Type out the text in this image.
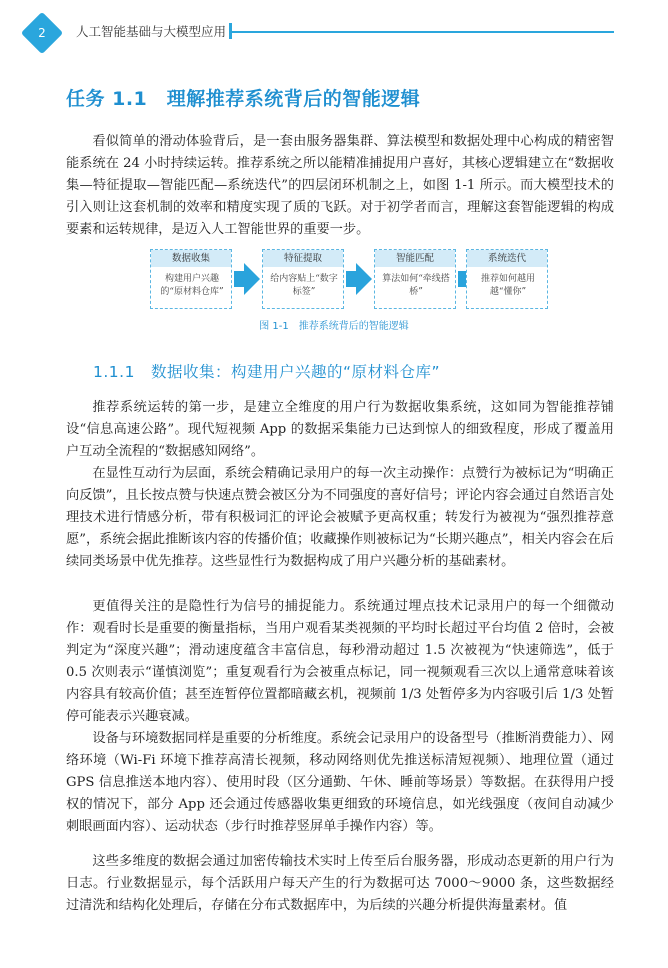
2	人工智能基础与大模型应用
任务 1.1　理解推荐系统背后的智能逻辑

看似简单的滑动体验背后，是一套由服务器集群、算法模型和数据处理中心构成的精密智能系统在 24 小时持续运转。推荐系统之所以能精准捕捉用户喜好，其核心逻辑建立在“数据收集—特征提取—智能匹配—系统迭代”的四层闭环机制之上，如图 1-1 所示。而大模型技术的引入则让这套机制的效率和精度实现了质的飞跃。对于初学者而言，理解这套智能逻辑的构成要素和运转规律，是迈入人工智能世界的重要一步。

数据收集
构建用户兴趣的“原材料仓库”
特征提取
给内容贴上“数字标签”
智能匹配
算法如何“牵线搭桥”
系统迭代
推荐如何越用越“懂你”
图 1-1　推荐系统背后的智能逻辑
1.1.1　数据收集：构建用户兴趣的“原材料仓库”

推荐系统运转的第一步，是建立全维度的用户行为数据收集系统，这如同为智能推荐铺设“信息高速公路”。现代短视频 App 的数据采集能力已达到惊人的细致程度，形成了覆盖用户互动全流程的“数据感知网络”。

在显性互动行为层面，系统会精确记录用户的每一次主动操作：点赞行为被标记为“明确正向反馈”，且长按点赞与快速点赞会被区分为不同强度的喜好信号；评论内容会通过自然语言处理技术进行情感分析，带有积极词汇的评论会被赋予更高权重；转发行为被视为“强烈推荐意愿”，系统会据此推断该内容的传播价值；收藏操作则被标记为“长期兴趣点”，相关内容会在后续同类场景中优先推荐。这些显性行为数据构成了用户兴趣分析的基础素材。

更值得关注的是隐性行为信号的捕捉能力。系统通过埋点技术记录用户的每一个细微动作：观看时长是重要的衡量指标，当用户观看某类视频的平均时长超过平台均值 2 倍时，会被判定为“深度兴趣”；滑动速度蕴含丰富信息，每秒滑动超过 1.5 次被视为“快速筛选”，低于 0.5 次则表示“谨慎浏览”；重复观看行为会被重点标记，同一视频观看三次以上通常意味着该内容具有较高价值；甚至连暂停位置都暗藏玄机，视频前 1/3 处暂停多为内容吸引后 1/3 处暂停可能表示兴趣衰减。

设备与环境数据同样是重要的分析维度。系统会记录用户的设备型号（推断消费能力）、网络环境（Wi-Fi 环境下推荐高清长视频，移动网络则优先推送标清短视频）、地理位置（通过 GPS 信息推送本地内容）、使用时段（区分通勤、午休、睡前等场景）等数据。在获得用户授权的情况下，部分 App 还会通过传感器收集更细致的环境信息，如光线强度（夜间自动减少刺眼画面内容）、运动状态（步行时推荐竖屏单手操作内容）等。

这些多维度的数据会通过加密传输技术实时上传至后台服务器，形成动态更新的用户行为日志。行业数据显示，每个活跃用户每天产生的行为数据可达 7000～9000 条，这些数据经过清洗和结构化处理后，存储在分布式数据库中，为后续的兴趣分析提供海量素材。值
